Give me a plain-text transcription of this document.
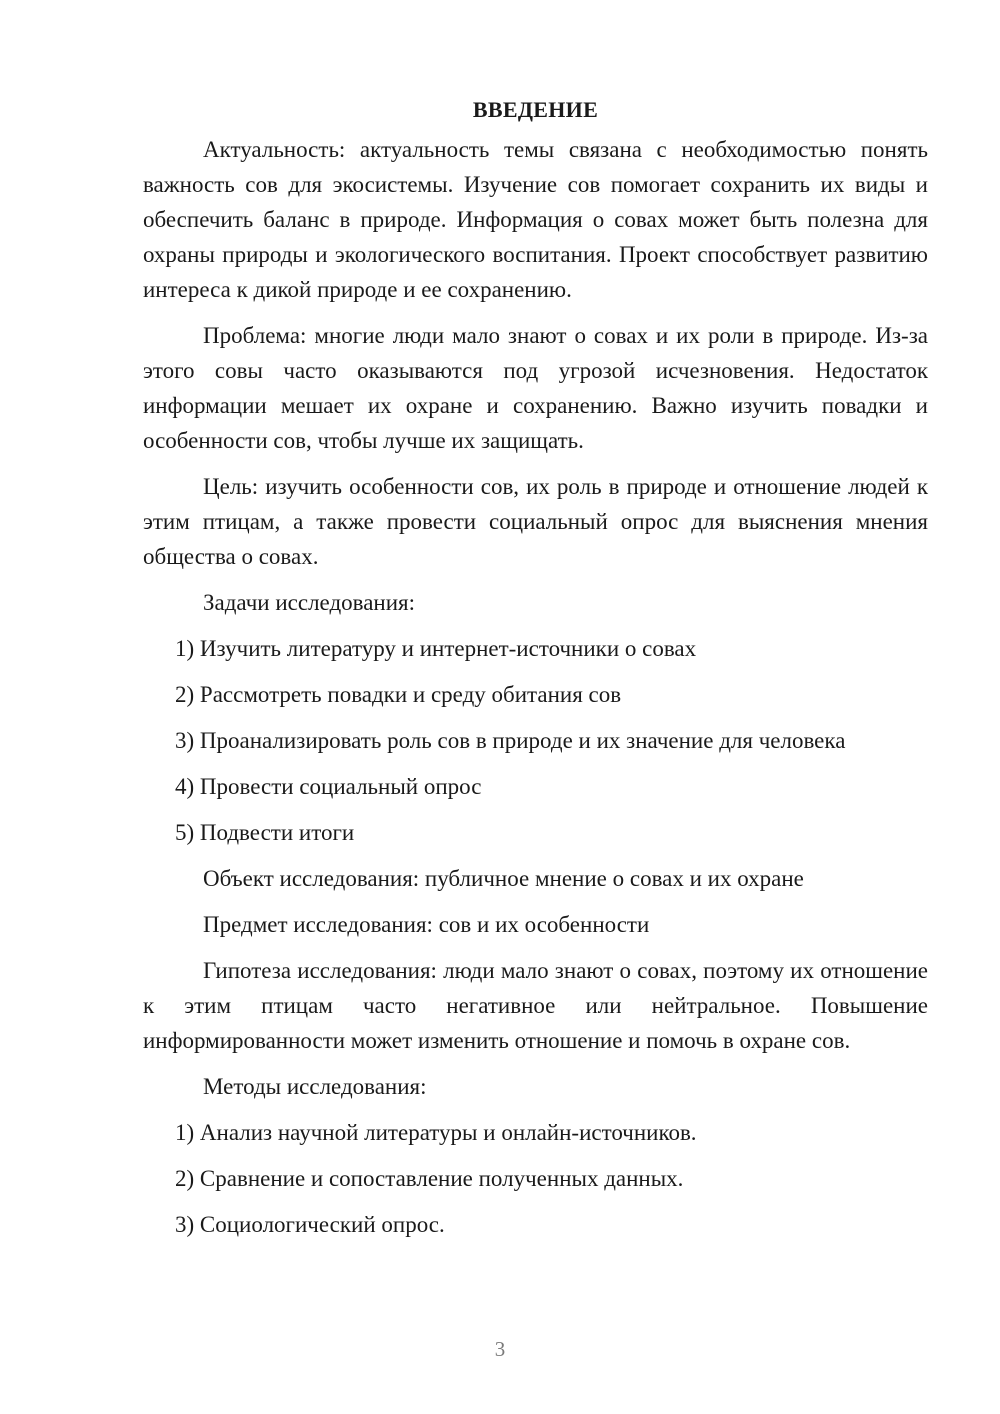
ВВЕДЕНИЕ

Актуальность: актуальность темы связана с необходимостью понять важность сов для экосистемы. Изучение сов помогает сохранить их виды и обеспечить баланс в природе. Информация о совах может быть полезна для охраны природы и экологического воспитания. Проект способствует развитию интереса к дикой природе и ее сохранению.

Проблема: многие люди мало знают о совах и их роли в природе. Из-за этого совы часто оказываются под угрозой исчезновения. Недостаток информации мешает их охране и сохранению. Важно изучить повадки и особенности сов, чтобы лучше их защищать.

Цель: изучить особенности сов, их роль в природе и отношение людей к этим птицам, а также провести социальный опрос для выяснения мнения общества о совах.

Задачи исследования:

1) Изучить литературу и интернет-источники о совах

2) Рассмотреть повадки и среду обитания сов

3) Проанализировать роль сов в природе и их значение для человека

4) Провести социальный опрос

5) Подвести итоги

Объект исследования: публичное мнение о совах и их охране

Предмет исследования: сов и их особенности

Гипотеза исследования: люди мало знают о совах, поэтому их отношение к этим птицам часто негативное или нейтральное. Повышение информированности может изменить отношение и помочь в охране сов.

Методы исследования:

1) Анализ научной литературы и онлайн-источников.

2) Сравнение и сопоставление полученных данных.

3) Социологический опрос.

3
